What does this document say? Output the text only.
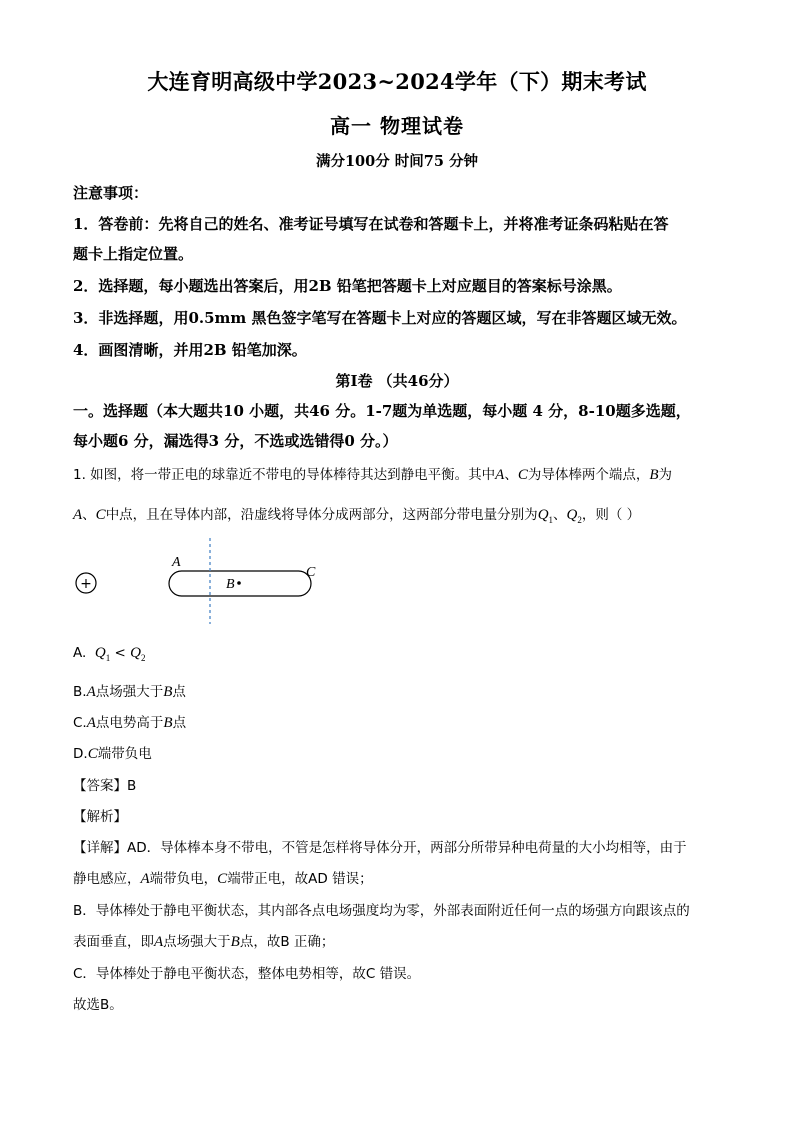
大连育明高级中学2023~2024学年（下）期末考试
高一 物理试卷
满分100分 时间75 分钟
注意事项：
1．答卷前：先将自己的姓名、准考证号填写在试卷和答题卡上，并将准考证条码粘贴在答
题卡上指定位置。
2．选择题，每小题选出答案后，用2B 铅笔把答题卡上对应题目的答案标号涂黑。
3．非选择题，用0.5mm 黑色签字笔写在答题卡上对应的答题区域，写在非答题区域无效。
4．画图清晰，并用2B 铅笔加深。
第Ⅰ卷 （共46分）
一。选择题（本大题共10 小题，共46 分。1-7题为单选题，每小题 4 分，8-10题多选题，
每小题6 分，漏选得3 分，不选或选错得0 分。）
1. 如图，将一带正电的球靠近不带电的导体棒待其达到静电平衡。其中A、C为导体棒两个端点，B为
A、C中点，且在导体内部，沿虚线将导体分成两部分，这两部分带电量分别为$Q_1$、$Q_2$，则（ ）
+
A
B
C
A. $Q_1 < Q_2$
B.A点场强大于B点
C.A点电势高于B点
D.C端带负电
【答案】B
【解析】
【详解】AD．导体棒本身不带电，不管是怎样将导体分开，两部分所带异种电荷量的大小均相等，由于
静电感应，A端带负电，C端带正电，故AD 错误；
B．导体棒处于静电平衡状态，其内部各点电场强度均为零，外部表面附近任何一点的场强方向跟该点的
表面垂直，即A点场强大于B点，故B 正确；
C．导体棒处于静电平衡状态，整体电势相等，故C 错误。
故选B。
